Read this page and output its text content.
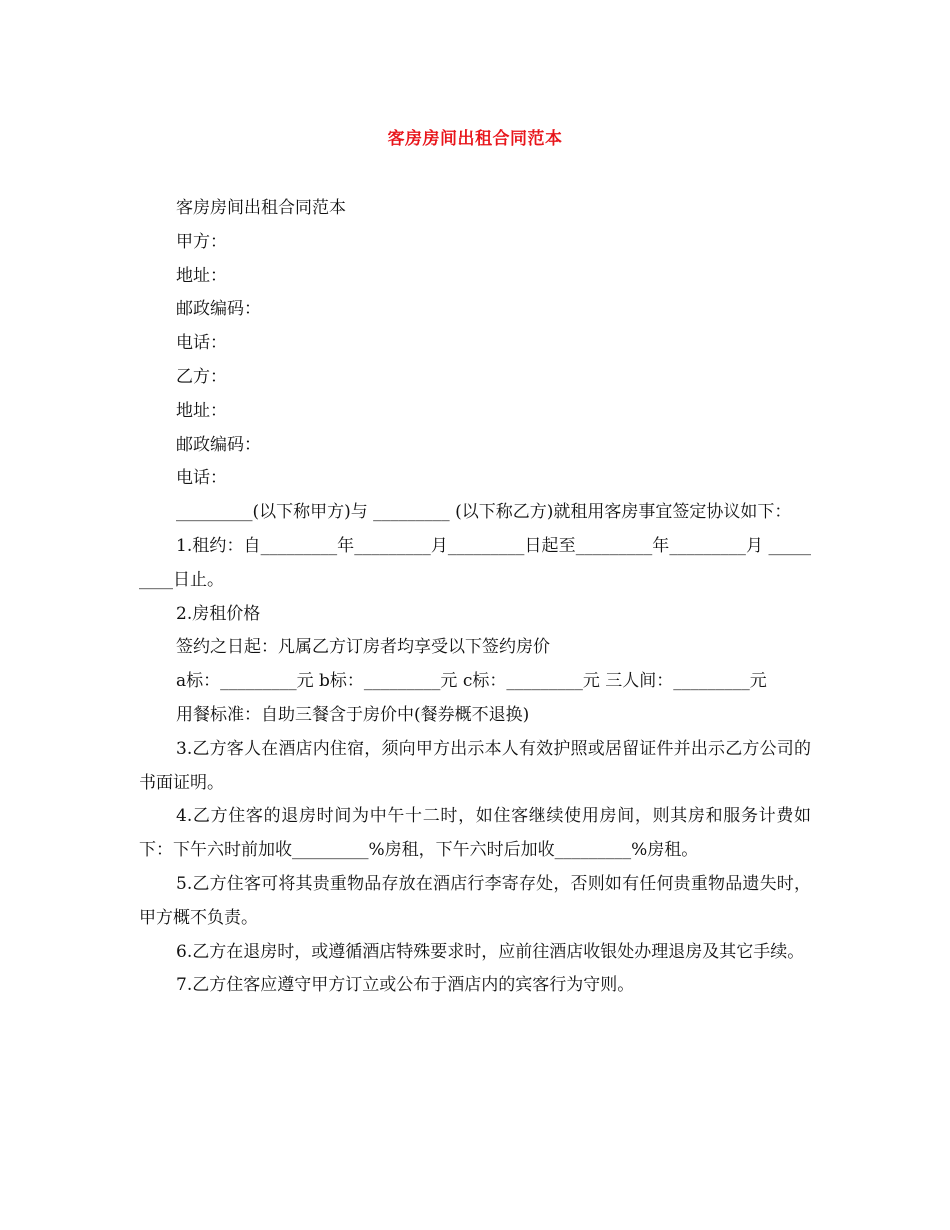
客房房间出租合同范本

客房房间出租合同范本

甲方：

地址：

邮政编码：

电话：

乙方：

地址：

邮政编码：

电话：

_________(以下称甲方)与 _________ (以下称乙方)就租用客房事宜签定协议如下：

1.租约：自_________年_________月_________日起至_________年_________月 _________日止。

2.房租价格

签约之日起：凡属乙方订房者均享受以下签约房价

a标：_________元 b标：_________元 c标：_________元 三人间：_________元

用餐标准：自助三餐含于房价中(餐券概不退换)

3.乙方客人在酒店内住宿，须向甲方出示本人有效护照或居留证件并出示乙方公司的书面证明。

4.乙方住客的退房时间为中午十二时，如住客继续使用房间，则其房和服务计费如下：下午六时前加收_________%房租，下午六时后加收_________%房租。

5.乙方住客可将其贵重物品存放在酒店行李寄存处，否则如有任何贵重物品遗失时，甲方概不负责。

6.乙方在退房时，或遵循酒店特殊要求时，应前往酒店收银处办理退房及其它手续。

7.乙方住客应遵守甲方订立或公布于酒店内的宾客行为守则。
